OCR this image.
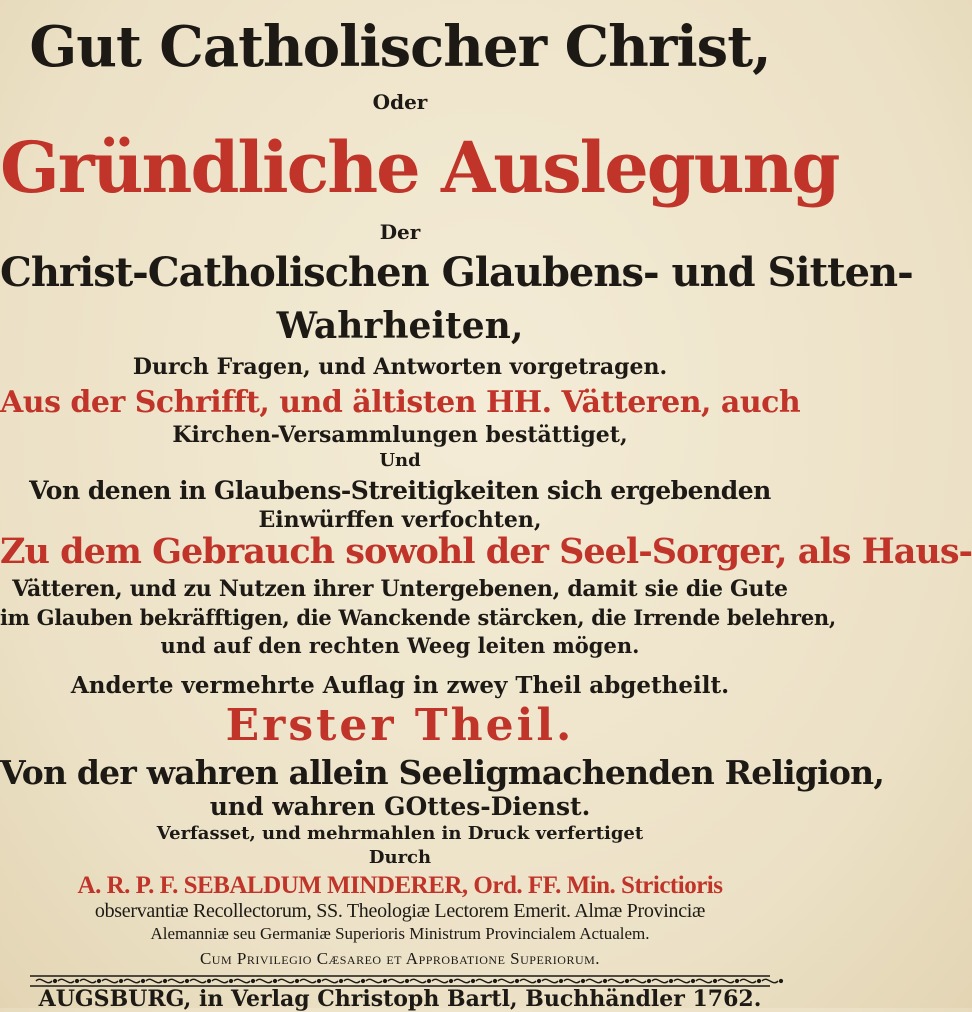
Gut Catholischer Christ,
Oder
Gründliche Auslegung
Der
Christ-Catholischen Glaubens- und Sitten-
Wahrheiten,
Durch Fragen, und Antworten vorgetragen.
Aus der Schrifft, und ältisten HH. Vätteren, auch
Kirchen-Versammlungen bestättiget,
Und
Von denen in Glaubens-Streitigkeiten sich ergebenden
Einwürffen verfochten,
Zu dem Gebrauch sowohl der Seel-Sorger, als Haus-
Vätteren, und zu Nutzen ihrer Untergebenen, damit sie die Gute
im Glauben bekräfftigen, die Wanckende stärcken, die Irrende belehren,
und auf den rechten Weeg leiten mögen.
Anderte vermehrte Auflag in zwey Theil abgetheilt.
Erster Theil.
Von der wahren allein Seeligmachenden Religion,
und wahren GOttes-Dienst.
Verfasset, und mehrmahlen in Druck verfertiget
Durch
A. R. P. F. SEBALDUM MINDERER, Ord. FF. Min. Strictioris
observantiæ Recollectorum, SS. Theologiæ Lectorem Emerit. Almæ Provinciæ
Alemanniæ seu Germaniæ Superioris Ministrum Provincialem Actualem.
Cum Privilegio Cæsareo et Approbatione Superiorum.
AUGSBURG, in Verlag Christoph Bartl, Buchhändler 1762.
